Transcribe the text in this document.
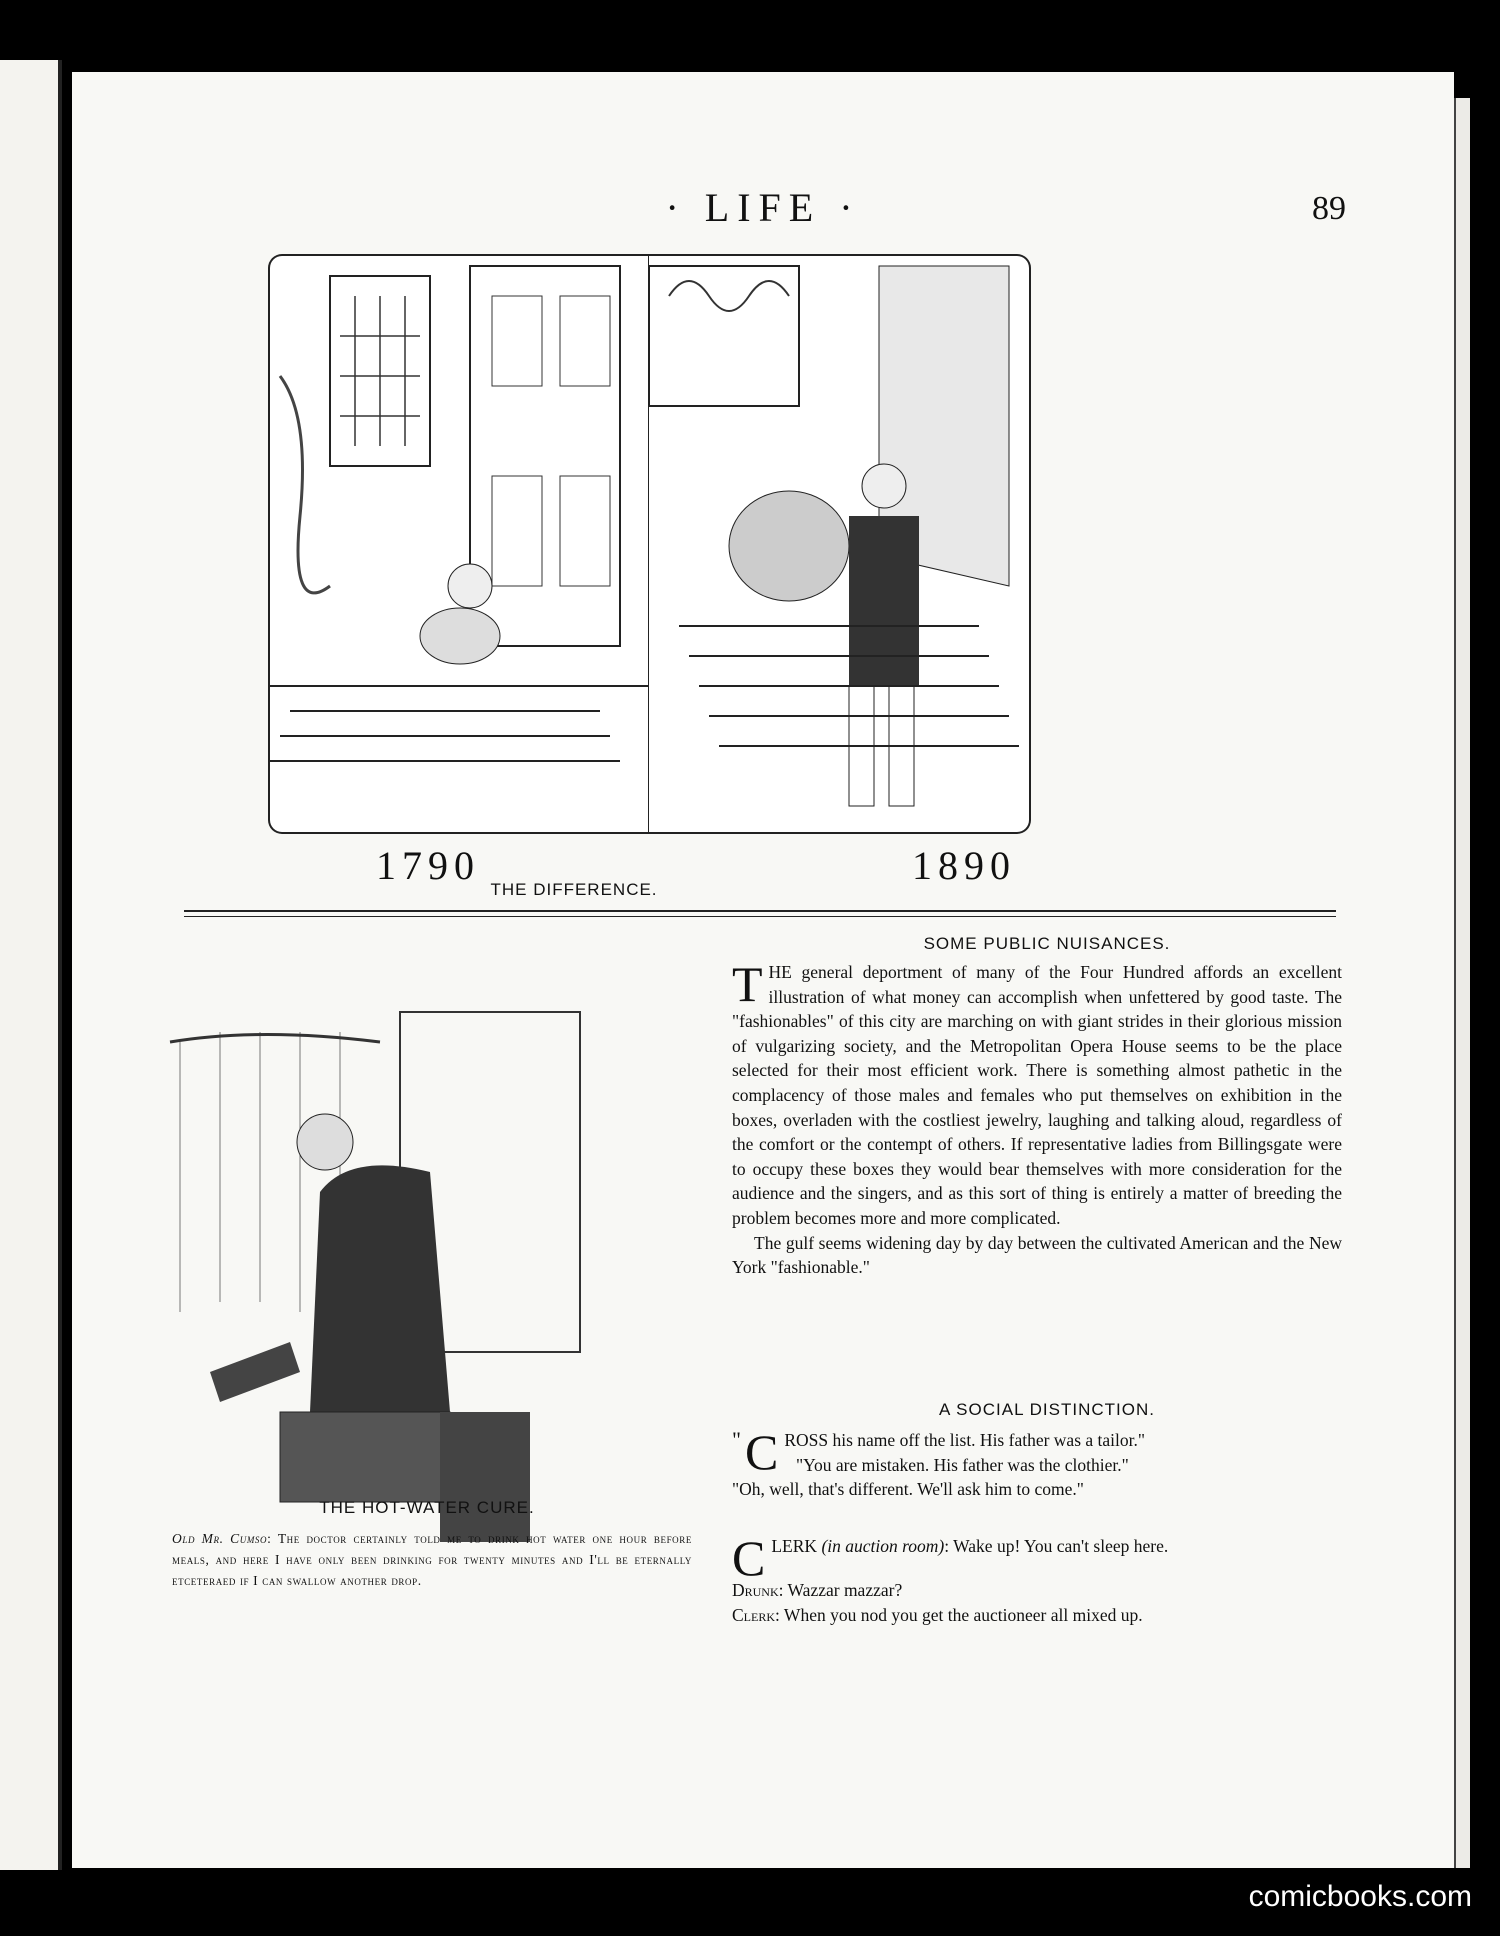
· LIFE ·	89
1790	1890
THE DIFFERENCE.
THE HOT-WATER CURE.
Old Mr. Cumso: The doctor certainly told me to drink hot water one hour before meals, and here I have only been drinking for twenty minutes and I'll be eternally etceteraed if I can swallow another drop.
SOME PUBLIC NUISANCES.
THE general deportment of many of the Four Hundred affords an excellent illustration of what money can accomplish when unfettered by good taste. The "fashionables" of this city are marching on with giant strides in their glorious mission of vulgarizing society, and the Metropolitan Opera House seems to be the place selected for their most efficient work. There is something almost pathetic in the complacency of those males and females who put themselves on exhibition in the boxes, overladen with the costliest jewelry, laughing and talking aloud, regardless of the comfort or the contempt of others. If representative ladies from Billingsgate were to occupy these boxes they would bear themselves with more consideration for the audience and the singers, and as this sort of thing is entirely a matter of breeding the problem becomes more and more complicated.
The gulf seems widening day by day between the cultivated American and the New York "fashionable."
A SOCIAL DISTINCTION.
" C ROSS his name off the list. His father was a tailor."
"You are mistaken. His father was the clothier."
"Oh, well, that's different. We'll ask him to come."
CLERK (in auction room): Wake up! You can't sleep here.
Drunk: Wazzar mazzar?
Clerk: When you nod you get the auctioneer all mixed up.
comicbooks.com
